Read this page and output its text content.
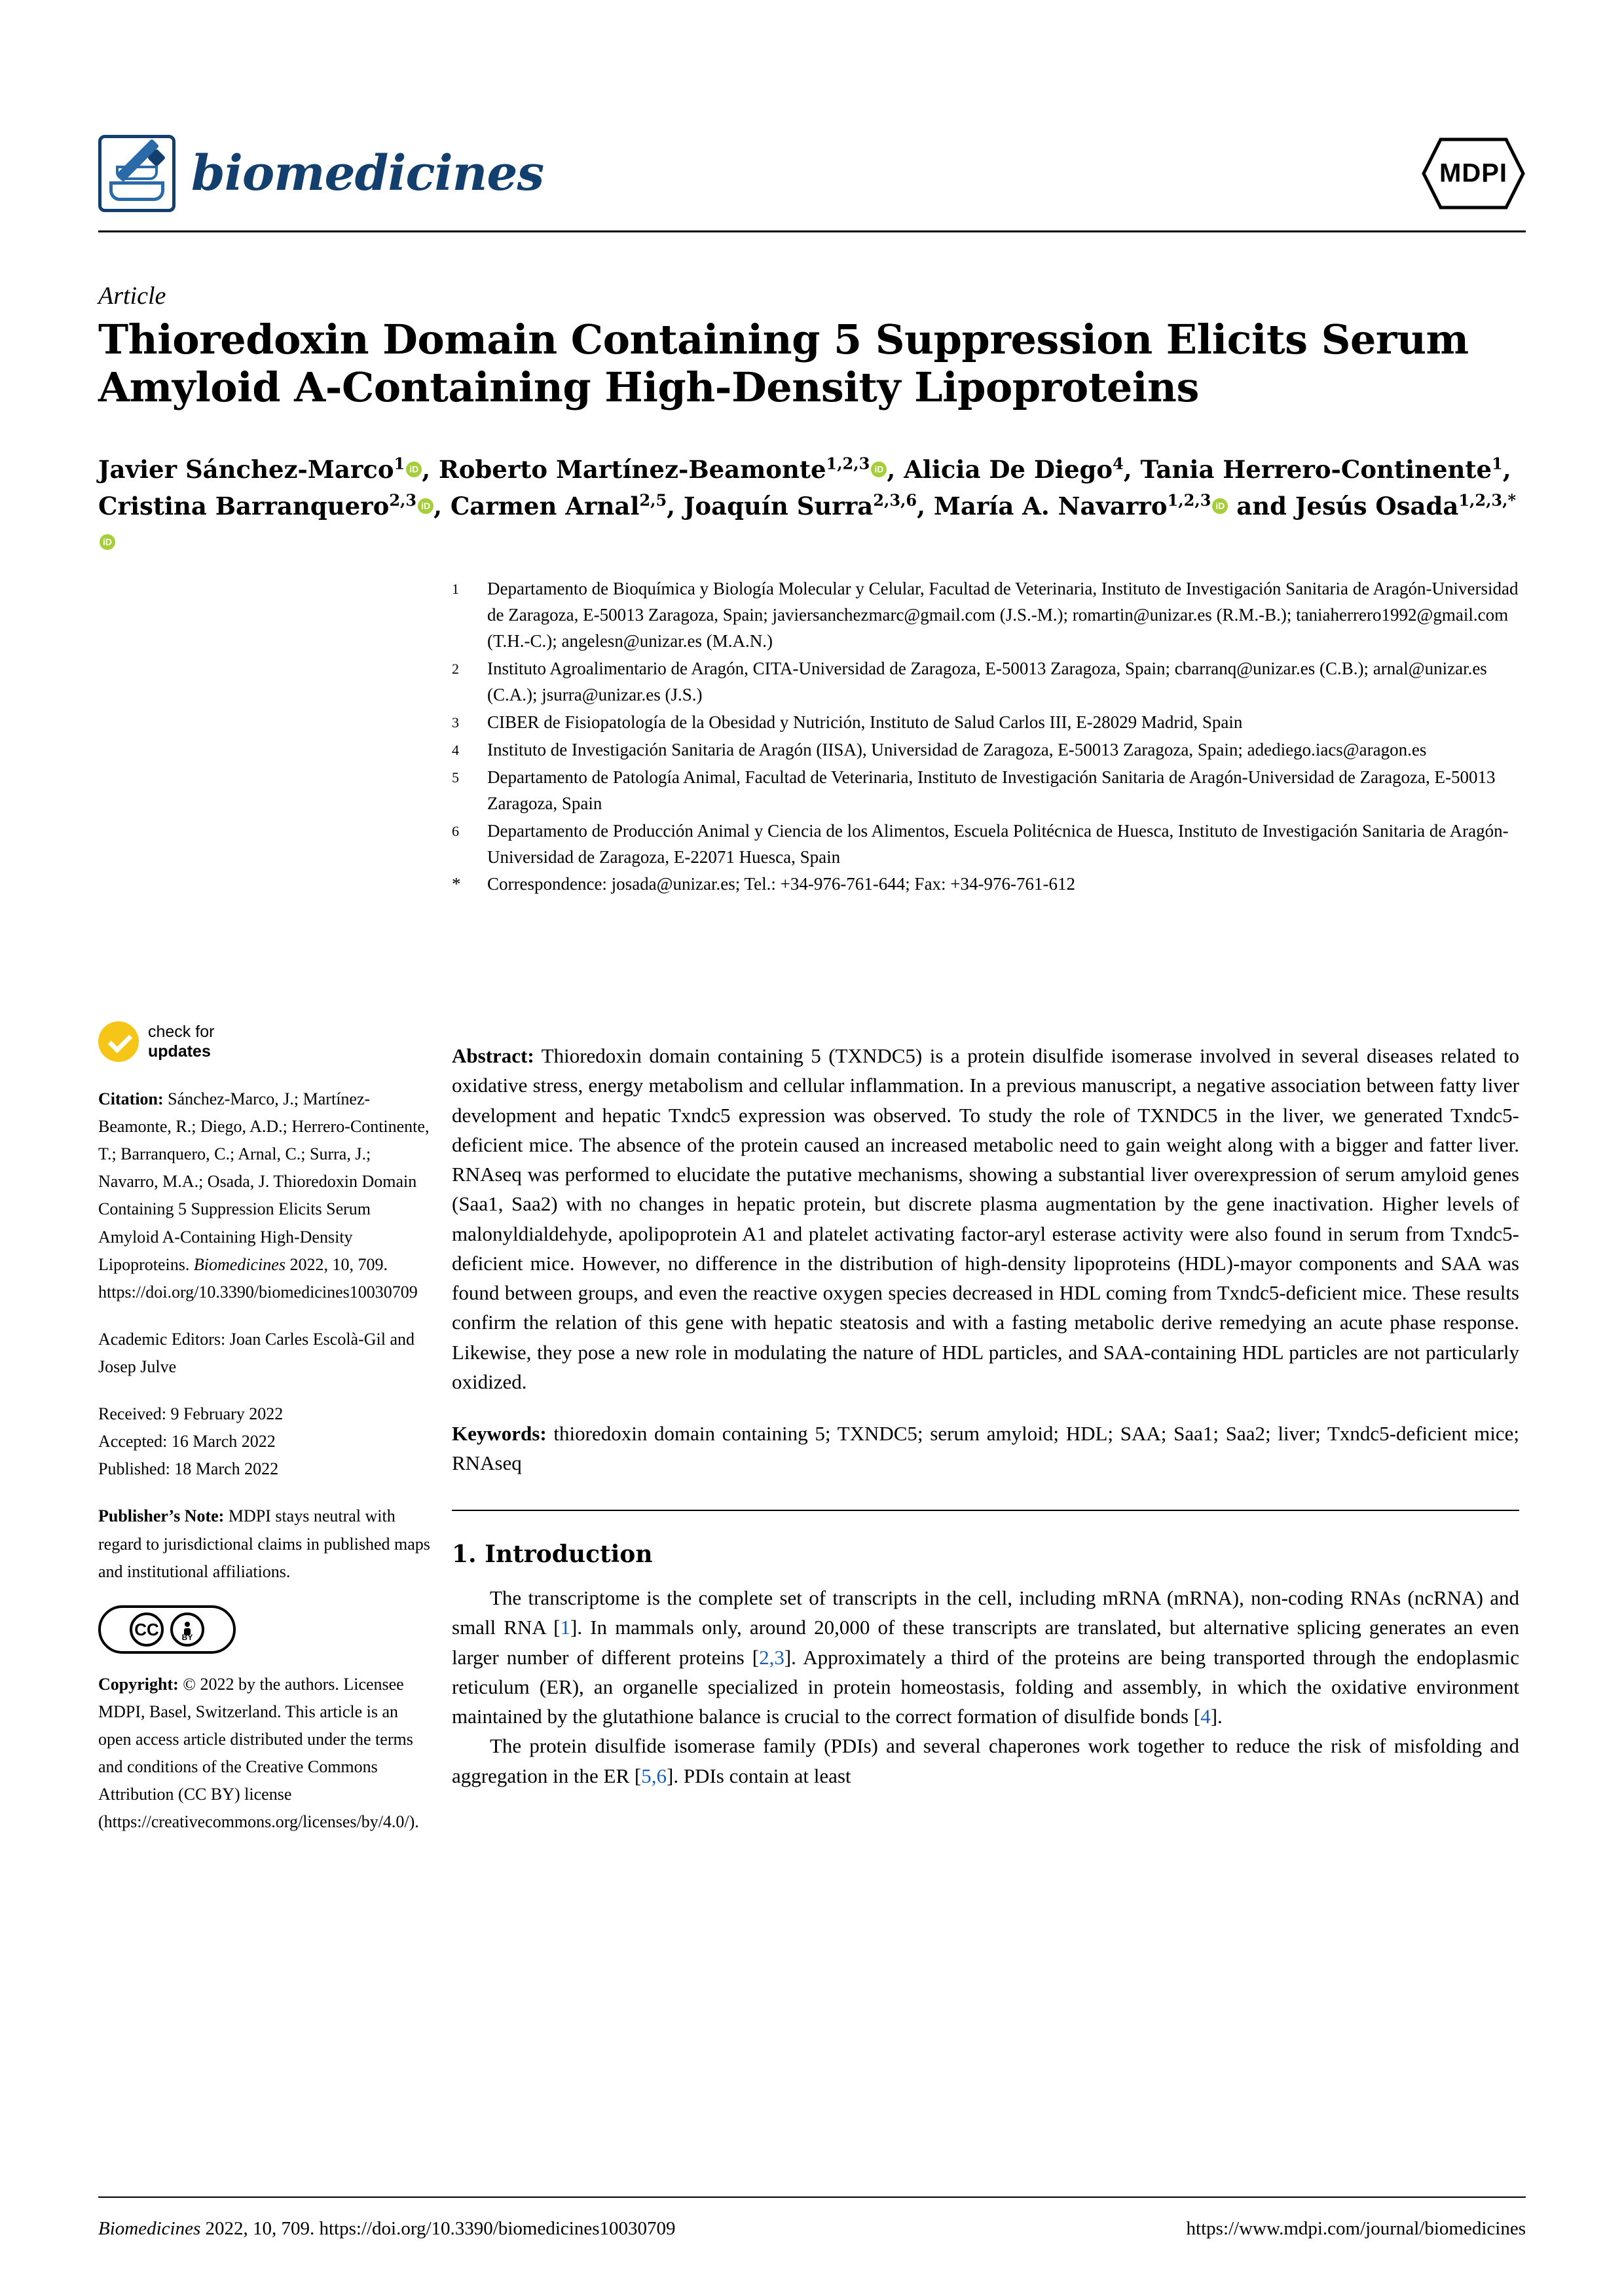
biomedicines	MDPI
Article
Thioredoxin Domain Containing 5 Suppression Elicits Serum Amyloid A-Containing High-Density Lipoproteins
Javier Sánchez-Marco$^1$ iD , Roberto Martínez-Beamonte$^{1,2,3}$ iD , Alicia De Diego$^4$, Tania Herrero-Continente$^1$,
Cristina Barranquero$^{2,3}$ iD , Carmen Arnal$^{2,5}$, Joaquín Surra$^{2,3,6}$, María A. Navarro$^{1,2,3}$iD and Jesús Osada$^{1,2,3,*}$iD
1	Departamento de Bioquímica y Biología Molecular y Celular, Facultad de Veterinaria, Instituto de Investigación Sanitaria de Aragón-Universidad de Zaragoza, E-50013 Zaragoza, Spain; javiersanchezmarc@gmail.com (J.S.-M.); romartin@unizar.es (R.M.-B.); taniaherrero1992@gmail.com (T.H.-C.); angelesn@unizar.es (M.A.N.)
2	Instituto Agroalimentario de Aragón, CITA-Universidad de Zaragoza, E-50013 Zaragoza, Spain; cbarranq@unizar.es (C.B.); arnal@unizar.es (C.A.); jsurra@unizar.es (J.S.)
3	CIBER de Fisiopatología de la Obesidad y Nutrición, Instituto de Salud Carlos III, E-28029 Madrid, Spain
4	Instituto de Investigación Sanitaria de Aragón (IISA), Universidad de Zaragoza, E-50013 Zaragoza, Spain; adediego.iacs@aragon.es
5	Departamento de Patología Animal, Facultad de Veterinaria, Instituto de Investigación Sanitaria de Aragón-Universidad de Zaragoza, E-50013 Zaragoza, Spain
6	Departamento de Producción Animal y Ciencia de los Alimentos, Escuela Politécnica de Huesca, Instituto de Investigación Sanitaria de Aragón-Universidad de Zaragoza, E-22071 Huesca, Spain
*	Correspondence: josada@unizar.es; Tel.: +34-976-761-644; Fax: +34-976-761-612
check for
updates
Citation: Sánchez-Marco, J.; Martínez-Beamonte, R.; Diego, A.D.; Herrero-Continente, T.; Barranquero, C.; Arnal, C.; Surra, J.; Navarro, M.A.; Osada, J. Thioredoxin Domain Containing 5 Suppression Elicits Serum Amyloid A-Containing High-Density Lipoproteins. Biomedicines 2022, 10, 709. https://doi.org/10.3390/biomedicines10030709
Academic Editors: Joan Carles Escolà-Gil and Josep Julve
Received: 9 February 2022
Accepted: 16 March 2022
Published: 18 March 2022
Publisher’s Note: MDPI stays neutral with regard to jurisdictional claims in published maps and institutional affiliations.
CC	BY
Copyright: © 2022 by the authors. Licensee MDPI, Basel, Switzerland. This article is an open access article distributed under the terms and conditions of the Creative Commons Attribution (CC BY) license (https://creativecommons.org/licenses/by/4.0/).

Abstract: Thioredoxin domain containing 5 (TXNDC5) is a protein disulfide isomerase involved in several diseases related to oxidative stress, energy metabolism and cellular inflammation. In a previous manuscript, a negative association between fatty liver development and hepatic Txndc5 expression was observed. To study the role of TXNDC5 in the liver, we generated Txndc5-deficient mice. The absence of the protein caused an increased metabolic need to gain weight along with a bigger and fatter liver. RNAseq was performed to elucidate the putative mechanisms, showing a substantial liver overexpression of serum amyloid genes (Saa1, Saa2) with no changes in hepatic protein, but discrete plasma augmentation by the gene inactivation. Higher levels of malonyldialdehyde, apolipoprotein A1 and platelet activating factor-aryl esterase activity were also found in serum from Txndc5-deficient mice. However, no difference in the distribution of high-density lipoproteins (HDL)-mayor components and SAA was found between groups, and even the reactive oxygen species decreased in HDL coming from Txndc5-deficient mice. These results confirm the relation of this gene with hepatic steatosis and with a fasting metabolic derive remedying an acute phase response. Likewise, they pose a new role in modulating the nature of HDL particles, and SAA-containing HDL particles are not particularly oxidized.

Keywords: thioredoxin domain containing 5; TXNDC5; serum amyloid; HDL; SAA; Saa1; Saa2; liver; Txndc5-deficient mice; RNAseq
1. Introduction

The transcriptome is the complete set of transcripts in the cell, including mRNA (mRNA), non-coding RNAs (ncRNA) and small RNA [1]. In mammals only, around 20,000 of these transcripts are translated, but alternative splicing generates an even larger number of different proteins [2,3]. Approximately a third of the proteins are being transported through the endoplasmic reticulum (ER), an organelle specialized in protein homeostasis, folding and assembly, in which the oxidative environment maintained by the glutathione balance is crucial to the correct formation of disulfide bonds [4].

The protein disulfide isomerase family (PDIs) and several chaperones work together to reduce the risk of misfolding and aggregation in the ER [5,6]. PDIs contain at least

Biomedicines 2022, 10, 709. https://doi.org/10.3390/biomedicines10030709	https://www.mdpi.com/journal/biomedicines
